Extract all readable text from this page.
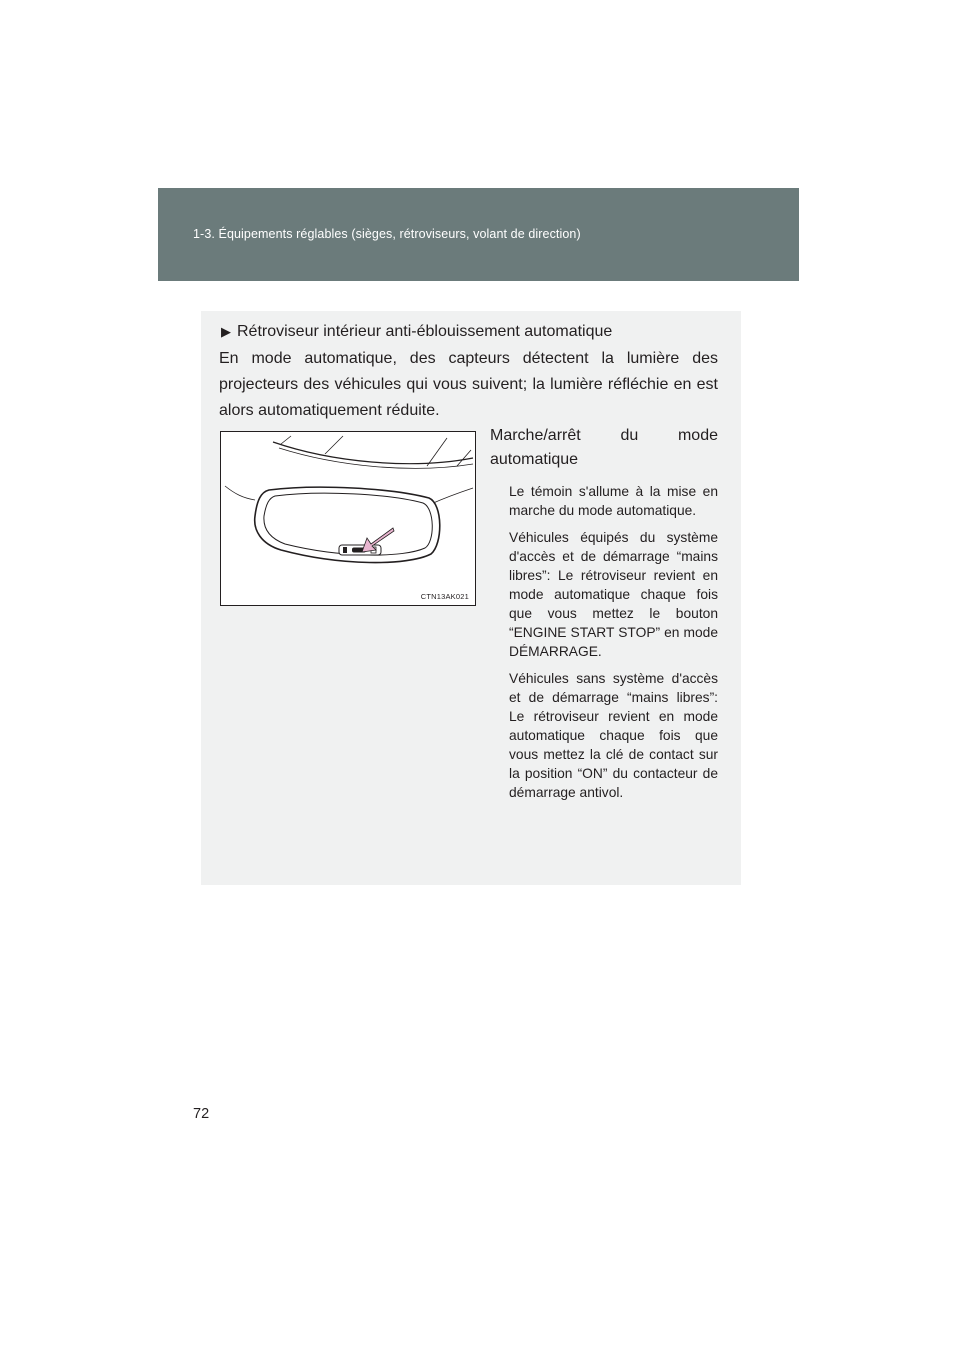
1-3. Équipements réglables (sièges, rétroviseurs, volant de direction)
▶ Rétroviseur intérieur anti-éblouissement automatique
En mode automatique, des capteurs détectent la lumière des projecteurs des véhicules qui vous suivent; la lumière réfléchie en est alors automatiquement réduite.
CTN13AK021
Marche/arrêt du mode
automatique

Le témoin s'allume à la mise en marche du mode automatique.

Véhicules équipés du système d'accès et de démarrage “mains libres”: Le rétroviseur revient en mode automatique chaque fois que vous mettez le bouton “ENGINE START STOP” en mode DÉMARRAGE.

Véhicules sans système d'accès et de démarrage “mains libres”: Le rétroviseur revient en mode automatique chaque fois que vous mettez la clé de contact sur la position “ON” du contacteur de démarrage antivol.

72
